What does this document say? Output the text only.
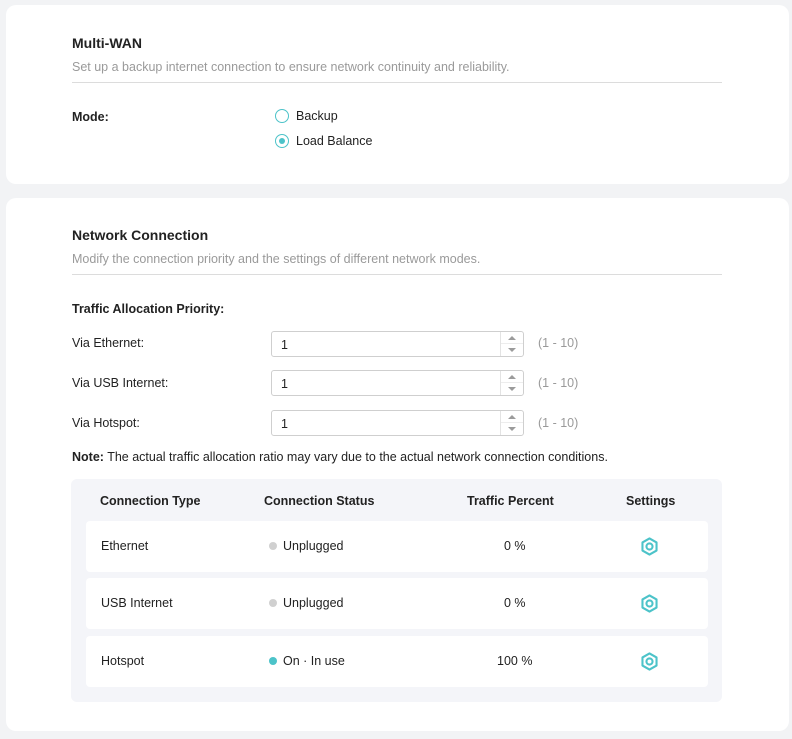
Multi-WAN
Set up a backup internet connection to ensure network continuity and reliability.
Mode:	Backup
Load Balance
Network Connection
Modify the connection priority and the settings of different network modes.
Traffic Allocation Priority:
Via Ethernet:
1	(1 - 10)
Via USB Internet:
1	(1 - 10)
Via Hotspot:
1	(1 - 10)
Note: The actual traffic allocation ratio may vary due to the actual network connection conditions.
Connection Type	Connection Status	Traffic Percent	Settings
Ethernet	Unplugged	0 %
USB Internet	Unplugged	0 %
Hotspot	On · In use	100 %
